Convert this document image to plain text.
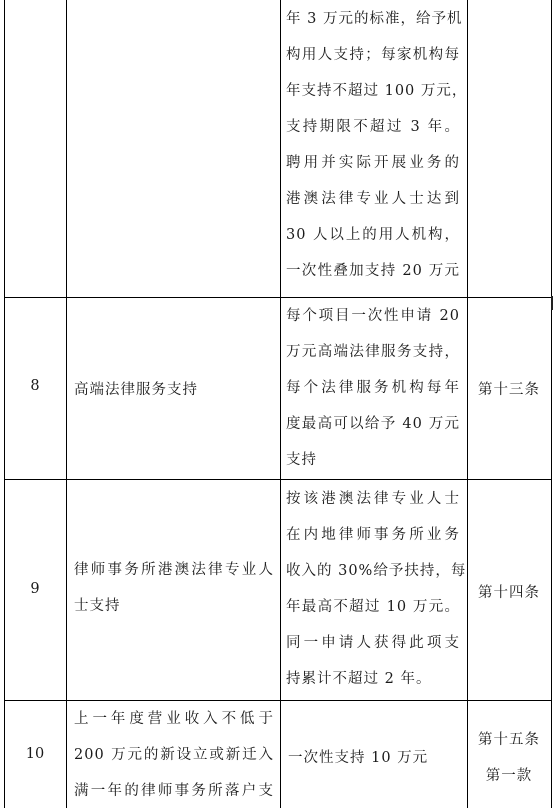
年 3 万元的标准，给予机
构用人支持；每家机构每
年支持不超过 100 万元，
支持期限不超过 3 年。
聘用并实际开展业务的
港澳法律专业人士达到
30 人以上的用人机构，
一次性叠加支持 20 万元
8	高端法律服务支持
每个项目一次性申请 20
万元高端法律服务支持，
每个法律服务机构每年
度最高可以给予 40 万元
支持
第十三条
9
律师事务所港澳法律专业人
士支持
按该港澳法律专业人士
在内地律师事务所业务
收入的 30%给予扶持，每
年最高不超过 10 万元。
同一申请人获得此项支
持累计不超过 2 年。
第十四条
10
上一年度营业收入不低于
200 万元的新设立或新迁入
满一年的律师事务所落户支
一次性支持 10 万元
第十五条
第一款
